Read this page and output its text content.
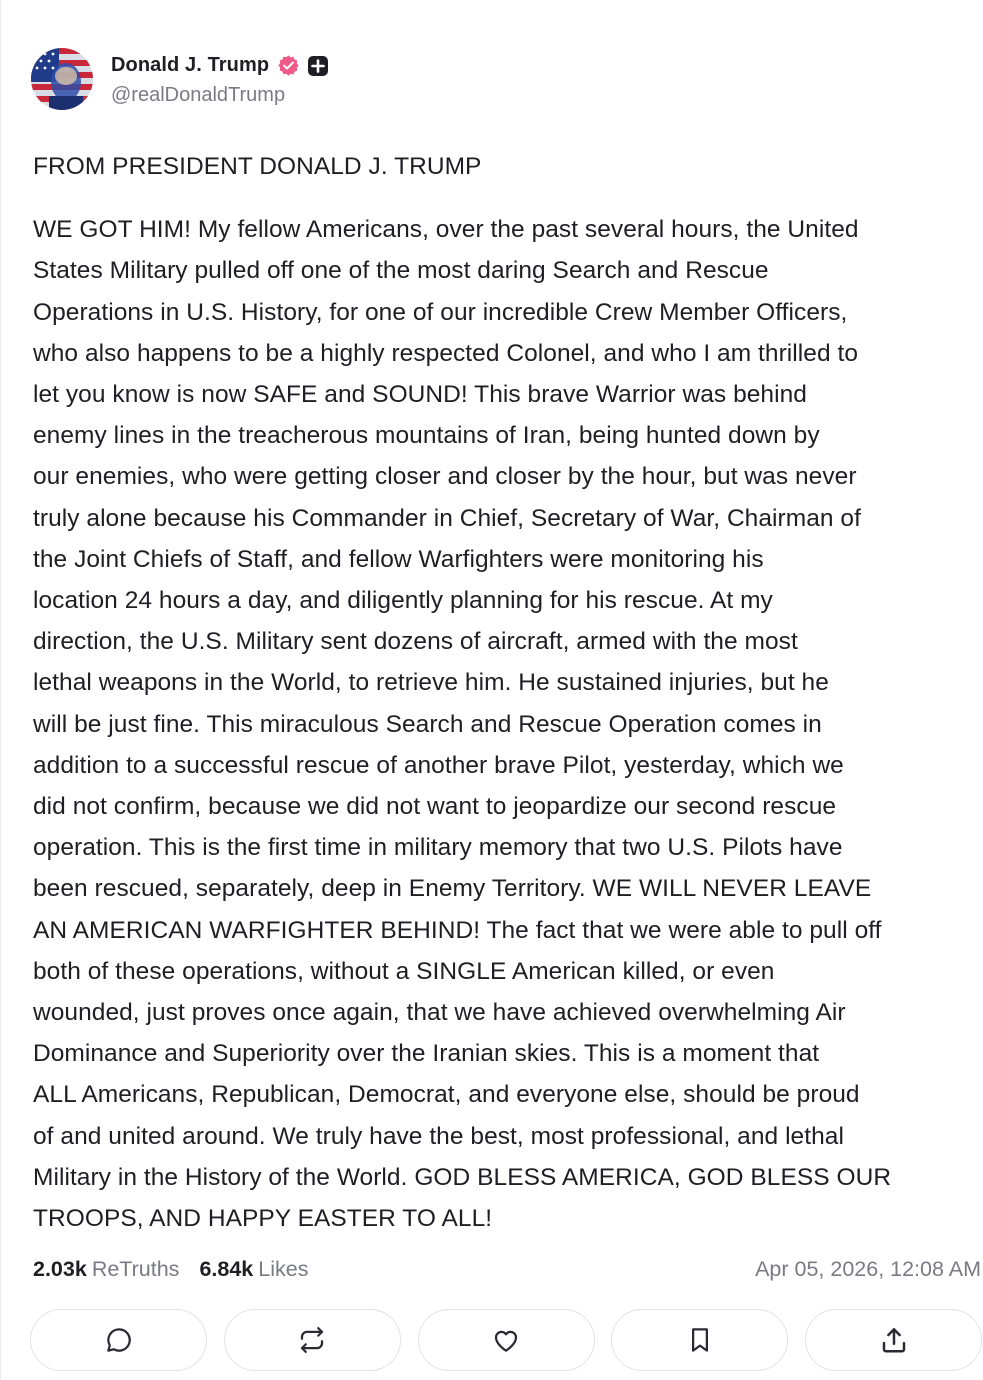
Donald J. Trump
@realDonaldTrump

FROM PRESIDENT DONALD J. TRUMP

WE GOT HIM! My fellow Americans, over the past several hours, the United
States Military pulled off one of the most daring Search and Rescue
Operations in U.S. History, for one of our incredible Crew Member Officers,
who also happens to be a highly respected Colonel, and who I am thrilled to
let you know is now SAFE and SOUND! This brave Warrior was behind
enemy lines in the treacherous mountains of Iran, being hunted down by
our enemies, who were getting closer and closer by the hour, but was never
truly alone because his Commander in Chief, Secretary of War, Chairman of
the Joint Chiefs of Staff, and fellow Warfighters were monitoring his
location 24 hours a day, and diligently planning for his rescue. At my
direction, the U.S. Military sent dozens of aircraft, armed with the most
lethal weapons in the World, to retrieve him. He sustained injuries, but he
will be just fine. This miraculous Search and Rescue Operation comes in
addition to a successful rescue of another brave Pilot, yesterday, which we
did not confirm, because we did not want to jeopardize our second rescue
operation. This is the first time in military memory that two U.S. Pilots have
been rescued, separately, deep in Enemy Territory. WE WILL NEVER LEAVE
AN AMERICAN WARFIGHTER BEHIND! The fact that we were able to pull off
both of these operations, without a SINGLE American killed, or even
wounded, just proves once again, that we have achieved overwhelming Air
Dominance and Superiority over the Iranian skies. This is a moment that
ALL Americans, Republican, Democrat, and everyone else, should be proud
of and united around. We truly have the best, most professional, and lethal
Military in the History of the World. GOD BLESS AMERICA, GOD BLESS OUR
TROOPS, AND HAPPY EASTER TO ALL!

2.03k ReTruths 6.84k Likes	Apr 05, 2026, 12:08 AM
